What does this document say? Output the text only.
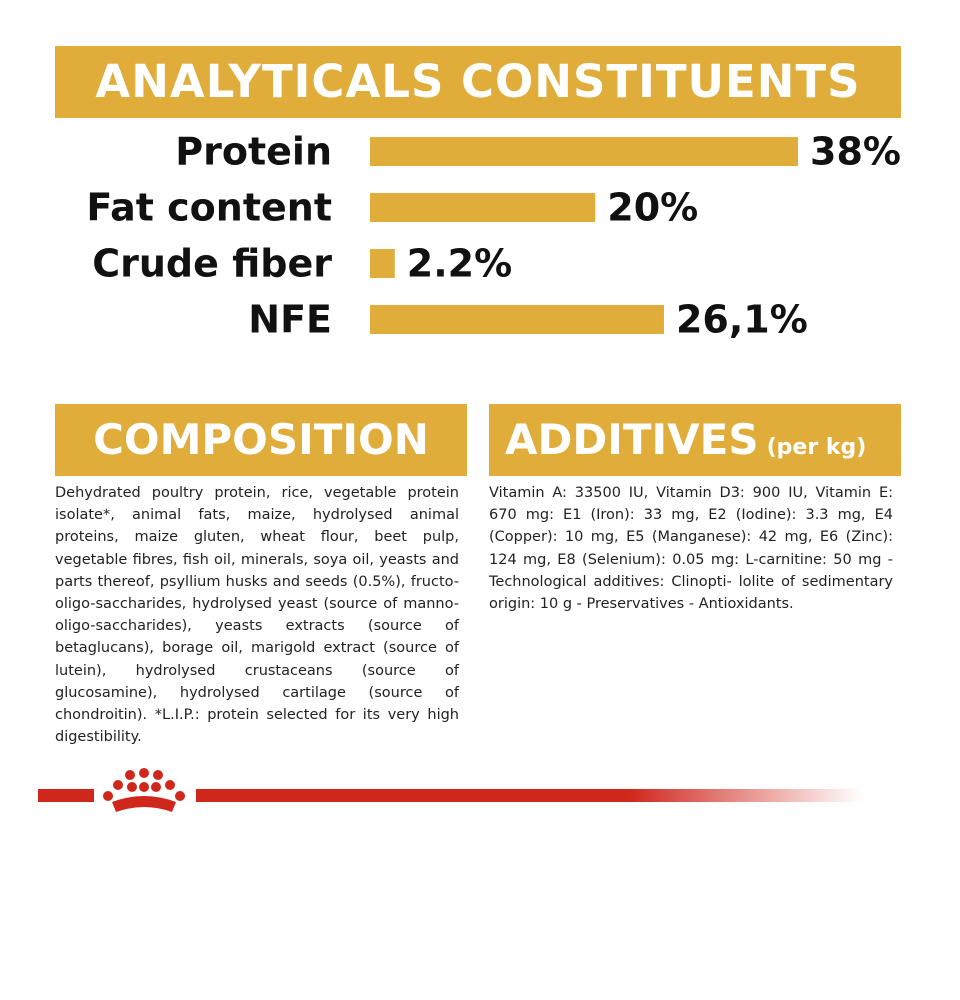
ANALYTICALS CONSTITUENTS
Protein	38%
Fat content	20%
Crude fiber 2.2%
NFE	26,1%
COMPOSITION	ADDITIVES (per kg)
Dehydrated poultry protein, rice, vegetable protein isolate*, animal fats, maize, hydrolysed animal proteins, maize gluten, wheat flour, beet pulp, vegetable fibres, fish oil, minerals, soya oil, yeasts and parts thereof, psyllium husks and seeds (0.5%), fructo-oligo-saccharides, hydrolysed yeast (source of manno- oligo-saccharides), yeasts extracts (source of betaglucans), borage oil, marigold extract (source of lutein), hydrolysed crustaceans (source of glucosamine), hydrolysed cartilage (source of chondroitin). *L.I.P.: protein selected for its very high digestibility.
Vitamin A: 33500 IU, Vitamin D3: 900 IU, Vitamin E: 670 mg: E1 (Iron): 33 mg, E2 (Iodine): 3.3 mg, E4 (Copper): 10 mg, E5 (Manganese): 42 mg, E6 (Zinc): 124 mg, E8 (Selenium): 0.05 mg: L-carnitine: 50 mg - Technological additives: Clinopti- lolite of sedimentary origin: 10 g - Preservatives - Antioxidants.
